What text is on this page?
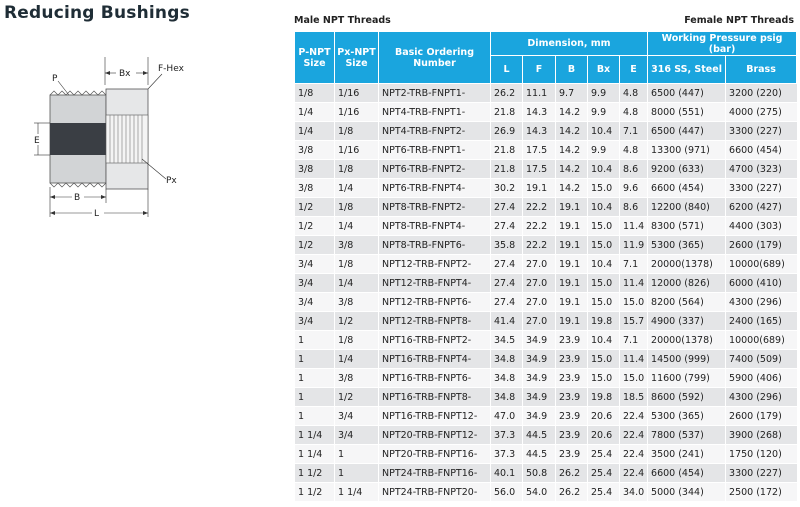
Reducing Bushings
Bx	F-Hex
P
E
Px
B
L
Male NPT Threads	Female NPT Threads
P-NPT Size	Px-NPT Size	Basic Ordering Number	Dimension, mm					Working Pressure psig (bar)	
			L	F	B	Bx	E	316 SS, Steel	Brass
1/8	1/16	NPT2-TRB-FNPT1-	26.2	11.1	9.7	9.9	4.8	6500 (447)	3200 (220)
1/4	1/16	NPT4-TRB-FNPT1-	21.8	14.3	14.2	9.9	4.8	8000 (551)	4000 (275)
1/4	1/8	NPT4-TRB-FNPT2-	26.9	14.3	14.2	10.4	7.1	6500 (447)	3300 (227)
3/8	1/16	NPT6-TRB-FNPT1-	21.8	17.5	14.2	9.9	4.8	13300 (971)	6600 (454)
3/8	1/8	NPT6-TRB-FNPT2-	21.8	17.5	14.2	10.4	8.6	9200 (633)	4700 (323)
3/8	1/4	NPT6-TRB-FNPT4-	30.2	19.1	14.2	15.0	9.6	6600 (454)	3300 (227)
1/2	1/8	NPT8-TRB-FNPT2-	27.4	22.2	19.1	10.4	8.6	12200 (840)	6200 (427)
1/2	1/4	NPT8-TRB-FNPT4-	27.4	22.2	19.1	15.0	11.4	8300 (571)	4400 (303)
1/2	3/8	NPT8-TRB-FNPT6-	35.8	22.2	19.1	15.0	11.9	5300 (365)	2600 (179)
3/4	1/8	NPT12-TRB-FNPT2-	27.4	27.0	19.1	10.4	7.1	20000(1378)	10000(689)
3/4	1/4	NPT12-TRB-FNPT4-	27.4	27.0	19.1	15.0	11.4	12000 (826)	6000 (410)
3/4	3/8	NPT12-TRB-FNPT6-	27.4	27.0	19.1	15.0	15.0	8200 (564)	4300 (296)
3/4	1/2	NPT12-TRB-FNPT8-	41.4	27.0	19.1	19.8	15.7	4900 (337)	2400 (165)
1	1/8	NPT16-TRB-FNPT2-	34.5	34.9	23.9	10.4	7.1	20000(1378)	10000(689)
1	1/4	NPT16-TRB-FNPT4-	34.8	34.9	23.9	15.0	11.4	14500 (999)	7400 (509)
1	3/8	NPT16-TRB-FNPT6-	34.8	34.9	23.9	15.0	15.0	11600 (799)	5900 (406)
1	1/2	NPT16-TRB-FNPT8-	34.8	34.9	23.9	19.8	18.5	8600 (592)	4300 (296)
1	3/4	NPT16-TRB-FNPT12-	47.0	34.9	23.9	20.6	22.4	5300 (365)	2600 (179)
1 1/4	3/4	NPT20-TRB-FNPT12-	37.3	44.5	23.9	20.6	22.4	7800 (537)	3900 (268)
1 1/4	1	NPT20-TRB-FNPT16-	37.3	44.5	23.9	25.4	22.4	3500 (241)	1750 (120)
1 1/2	1	NPT24-TRB-FNPT16-	40.1	50.8	26.2	25.4	22.4	6600 (454)	3300 (227)
1 1/2	1 1/4	NPT24-TRB-FNPT20-	56.0	54.0	26.2	25.4	34.0	5000 (344)	2500 (172)
